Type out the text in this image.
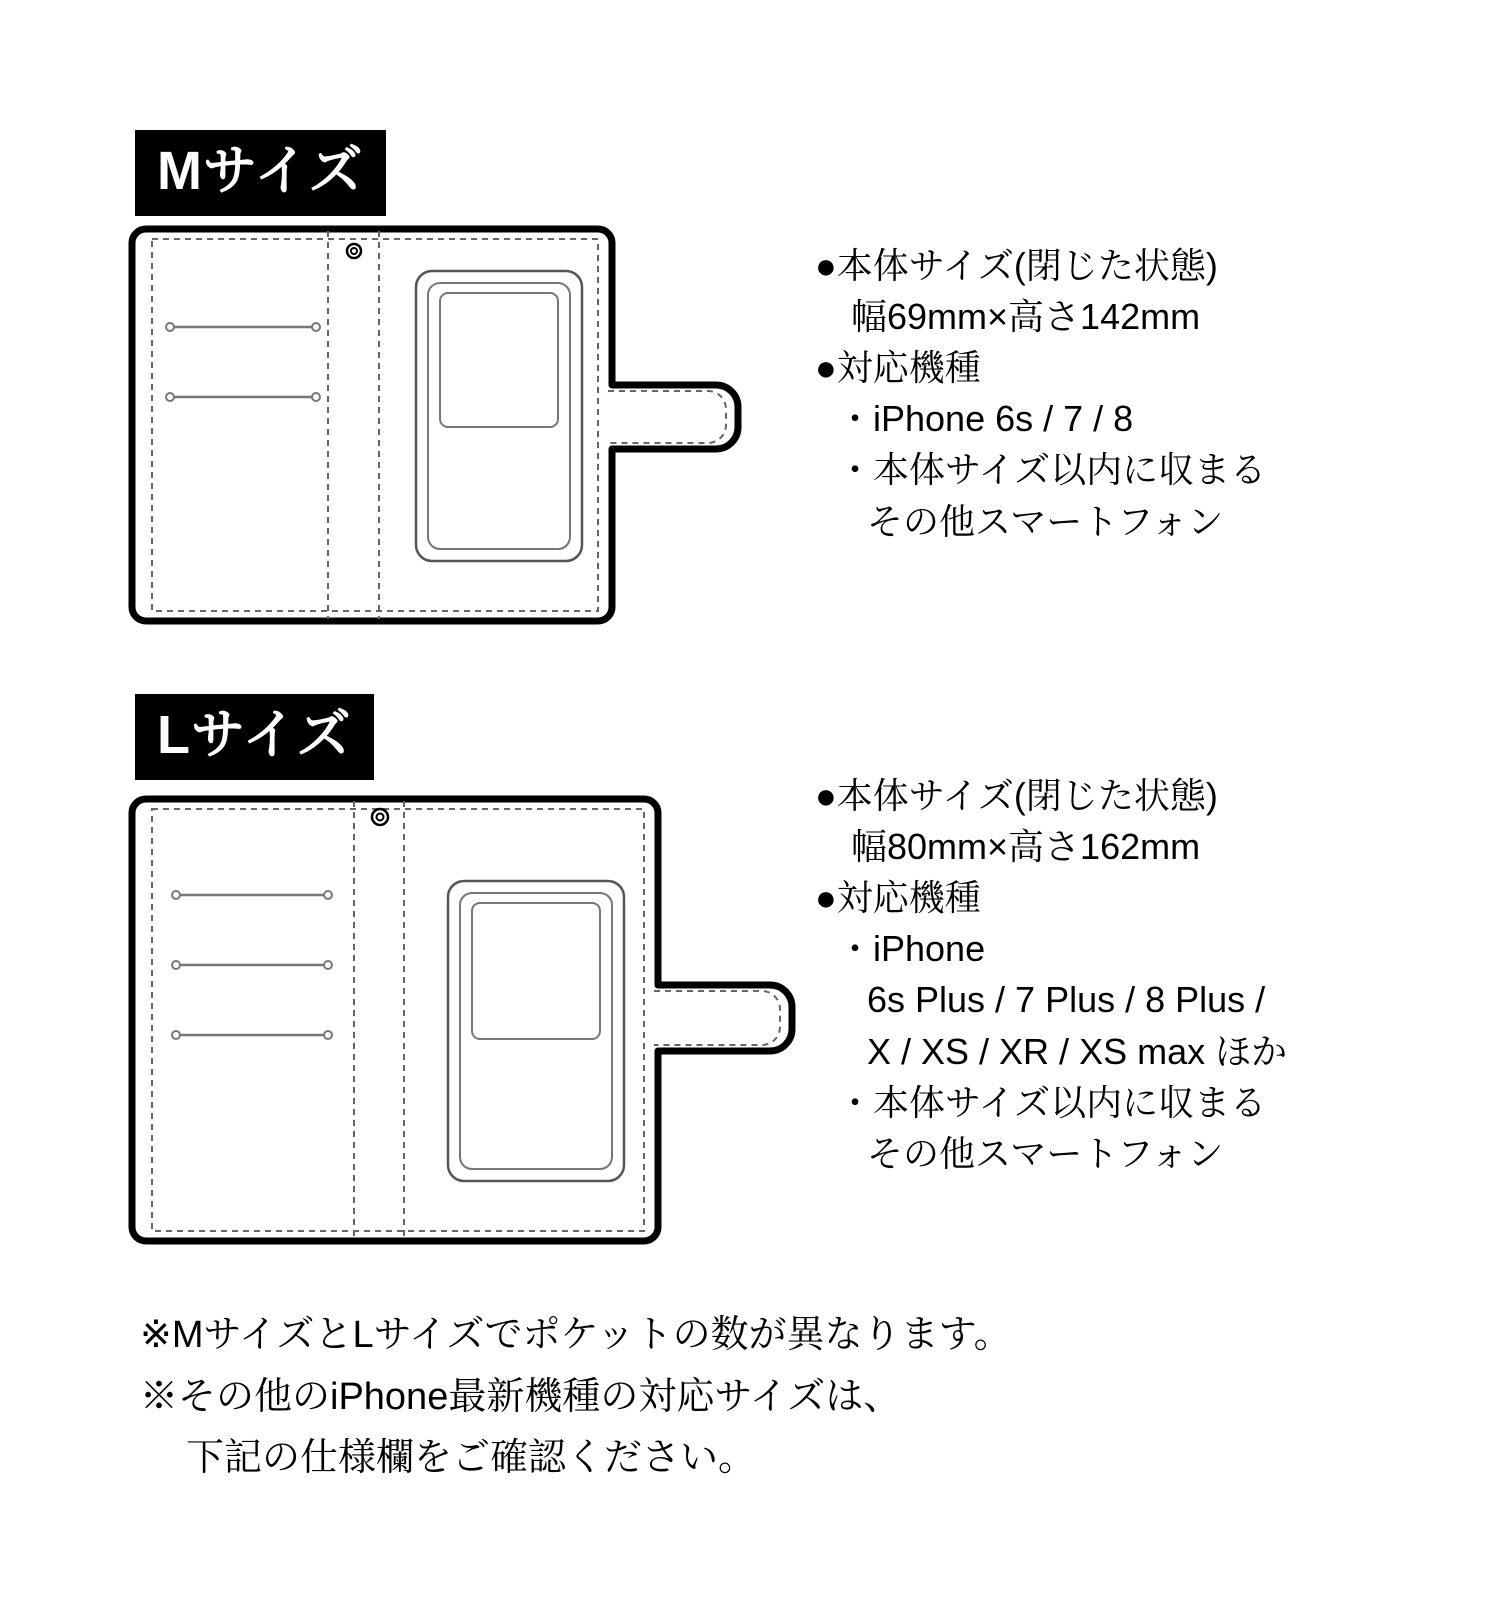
Mサイズ
●本体サイズ(閉じた状態)
幅69mm×高さ142mm
●対応機種
・iPhone 6s / 7 / 8
・本体サイズ以内に収まる
その他スマートフォン
Lサイズ
●本体サイズ(閉じた状態)
幅80mm×高さ162mm
●対応機種
・iPhone
6s Plus / 7 Plus / 8 Plus /
X / XS / XR / XS max ほか
・本体サイズ以内に収まる
その他スマートフォン
※MサイズとLサイズでポケットの数が異なります。
※その他のiPhone最新機種の対応サイズは、
下記の仕様欄をご確認ください。
